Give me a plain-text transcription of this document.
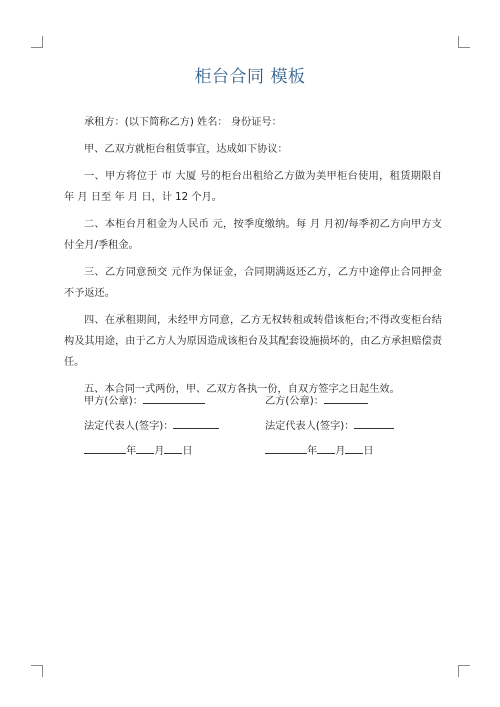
柜台合同 模板

承租方：(以下简称乙方) 姓名： 身份证号：

甲、乙双方就柜台租赁事宜，达成如下协议：

一、甲方将位于 市 大厦 号的柜台出租给乙方做为美甲柜台使用，租赁期限自 年 月 日至 年 月 日，计 12 个月。

二、本柜台月租金为人民币 元，按季度缴纳。每 月 月初/每季初乙方向甲方支付全月/季租金。

三、乙方同意预交 元作为保证金，合同期满返还乙方，乙方中途停止合同押金不予返还。

四、在承租期间，未经甲方同意，乙方无权转租或转借该柜台;不得改变柜台结构及其用途，由于乙方人为原因造成该柜台及其配套设施损坏的，由乙方承担赔偿责任。

五、本合同一式两份，甲、乙双方各执一份，自双方签字之日起生效。

甲方(公章)：	乙方(公章)：
法定代表人(签字)：	法定代表人(签字)：
年 月 日	年 月 日
